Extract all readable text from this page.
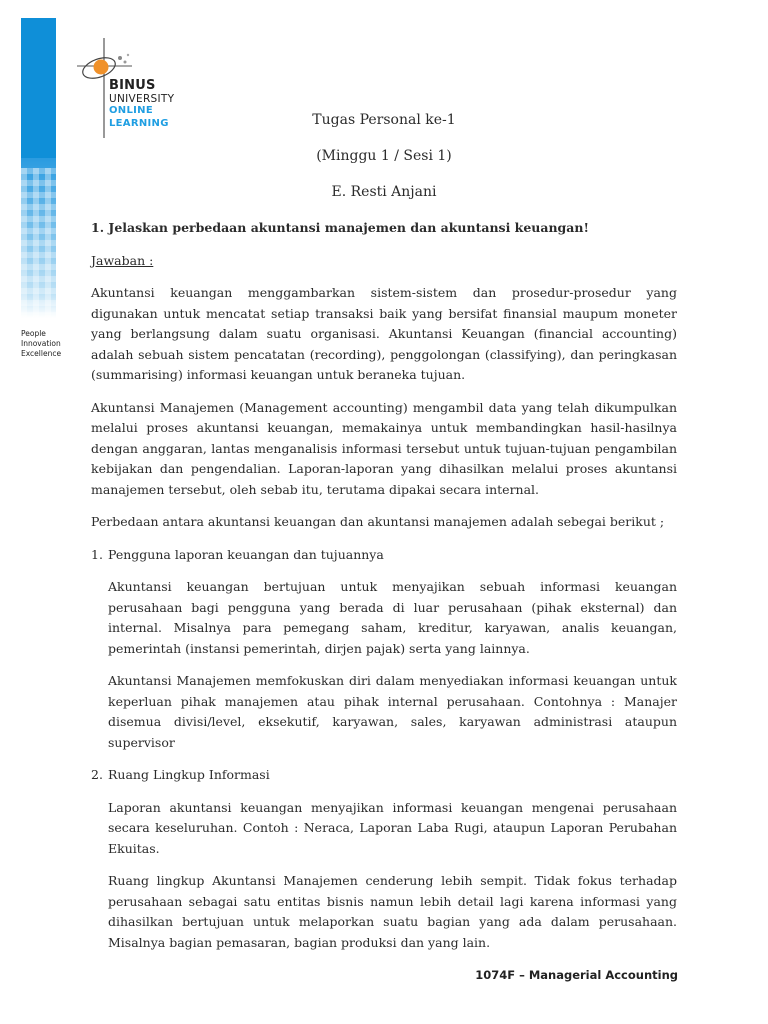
People
Innovation
Excellence
BINUS
UNIVERSITY
ONLINE
LEARNING	Tugas Personal ke-1

(Minggu 1 / Sesi 1)

E. Resti Anjani

1. Jelaskan perbedaan akuntansi manajemen dan akuntansi keuangan!

Jawaban :

Akuntansi keuangan menggambarkan sistem-sistem dan prosedur-prosedur yang digunakan untuk mencatat setiap transaksi baik yang bersifat finansial maupum moneter yang berlangsung dalam suatu organisasi. Akuntansi Keuangan (financial accounting) adalah sebuah sistem pencatatan (recording), penggolongan (classifying), dan peringkasan (summarising) informasi keuangan untuk beraneka tujuan.

Akuntansi Manajemen (Management accounting) mengambil data yang telah dikumpulkan melalui proses akuntansi keuangan, memakainya untuk membandingkan hasil-hasilnya dengan anggaran, lantas menganalisis informasi tersebut untuk tujuan-tujuan pengambilan kebijakan dan pengendalian. Laporan-laporan yang dihasilkan melalui proses akuntansi manajemen tersebut, oleh sebab itu, terutama dipakai secara internal.

Perbedaan antara akuntansi keuangan dan akuntansi manajemen adalah sebegai berikut ;

1. Pengguna laporan keuangan dan tujuannya

Akuntansi keuangan bertujuan untuk menyajikan sebuah informasi keuangan perusahaan bagi pengguna yang berada di luar perusahaan (pihak eksternal) dan internal. Misalnya para pemegang saham, kreditur, karyawan, analis keuangan, pemerintah (instansi pemerintah, dirjen pajak) serta yang lainnya.

Akuntansi Manajemen memfokuskan diri dalam menyediakan informasi keuangan untuk keperluan pihak manajemen atau pihak internal perusahaan. Contohnya : Manajer disemua divisi/level, eksekutif, karyawan, sales, karyawan administrasi ataupun supervisor

2. Ruang Lingkup Informasi

Laporan akuntansi keuangan menyajikan informasi keuangan mengenai perusahaan secara keseluruhan. Contoh : Neraca, Laporan Laba Rugi, ataupun Laporan Perubahan Ekuitas.

Ruang lingkup Akuntansi Manajemen cenderung lebih sempit. Tidak fokus terhadap perusahaan sebagai satu entitas bisnis namun lebih detail lagi karena informasi yang dihasilkan bertujuan untuk melaporkan suatu bagian yang ada dalam perusahaan. Misalnya bagian pemasaran, bagian produksi dan yang lain.

1074F – Managerial Accounting
